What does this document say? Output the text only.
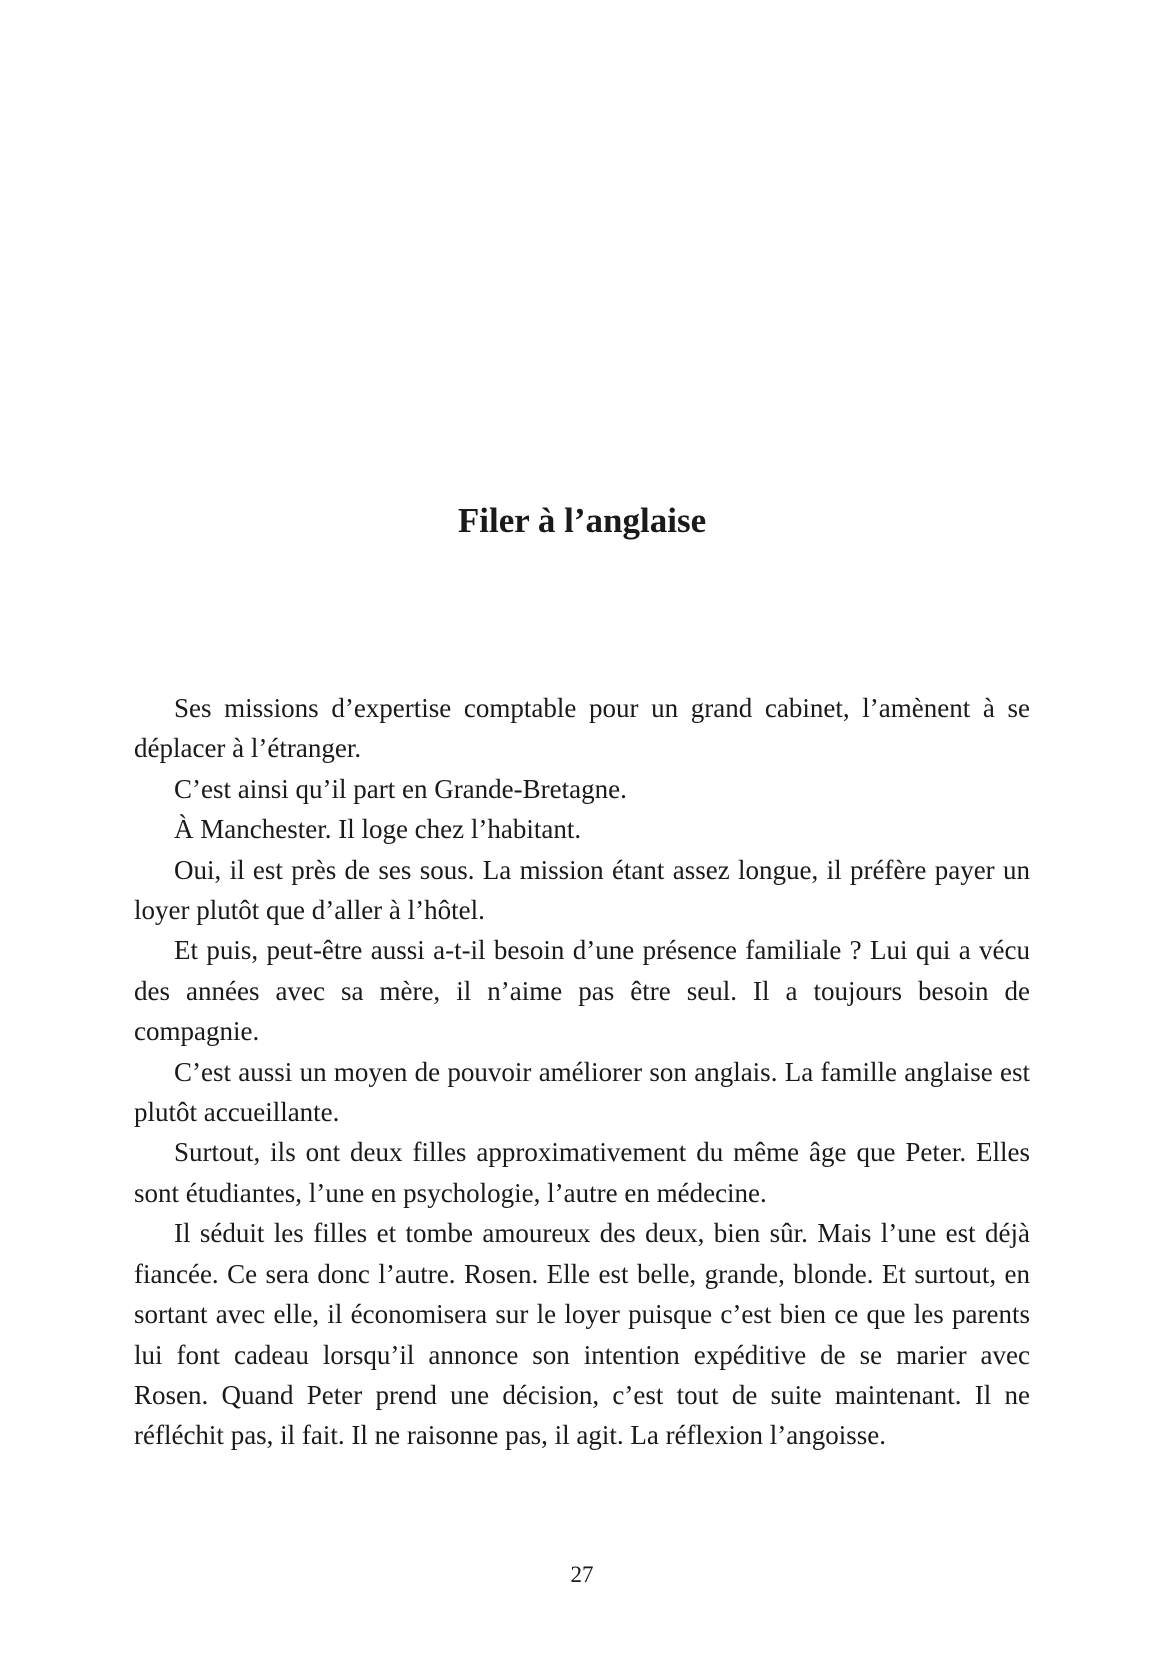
Filer à l’anglaise

Ses missions d’expertise comptable pour un grand cabinet, l’amènent à se déplacer à l’étranger.

C’est ainsi qu’il part en Grande-Bretagne.

À Manchester. Il loge chez l’habitant.

Oui, il est près de ses sous. La mission étant assez longue, il préfère payer un loyer plutôt que d’aller à l’hôtel.

Et puis, peut-être aussi a-t-il besoin d’une présence familiale ? Lui qui a vécu des années avec sa mère, il n’aime pas être seul. Il a toujours besoin de compagnie.

C’est aussi un moyen de pouvoir améliorer son anglais. La famille anglaise est plutôt accueillante.

Surtout, ils ont deux filles approximativement du même âge que Peter. Elles sont étudiantes, l’une en psychologie, l’autre en médecine.

Il séduit les filles et tombe amoureux des deux, bien sûr. Mais l’une est déjà fiancée. Ce sera donc l’autre. Rosen. Elle est belle, grande, blonde. Et surtout, en sortant avec elle, il économisera sur le loyer puisque c’est bien ce que les parents lui font cadeau lorsqu’il annonce son intention expéditive de se marier avec Rosen. Quand Peter prend une décision, c’est tout de suite maintenant. Il ne réfléchit pas, il fait. Il ne raisonne pas, il agit. La réflexion l’angoisse.

27
